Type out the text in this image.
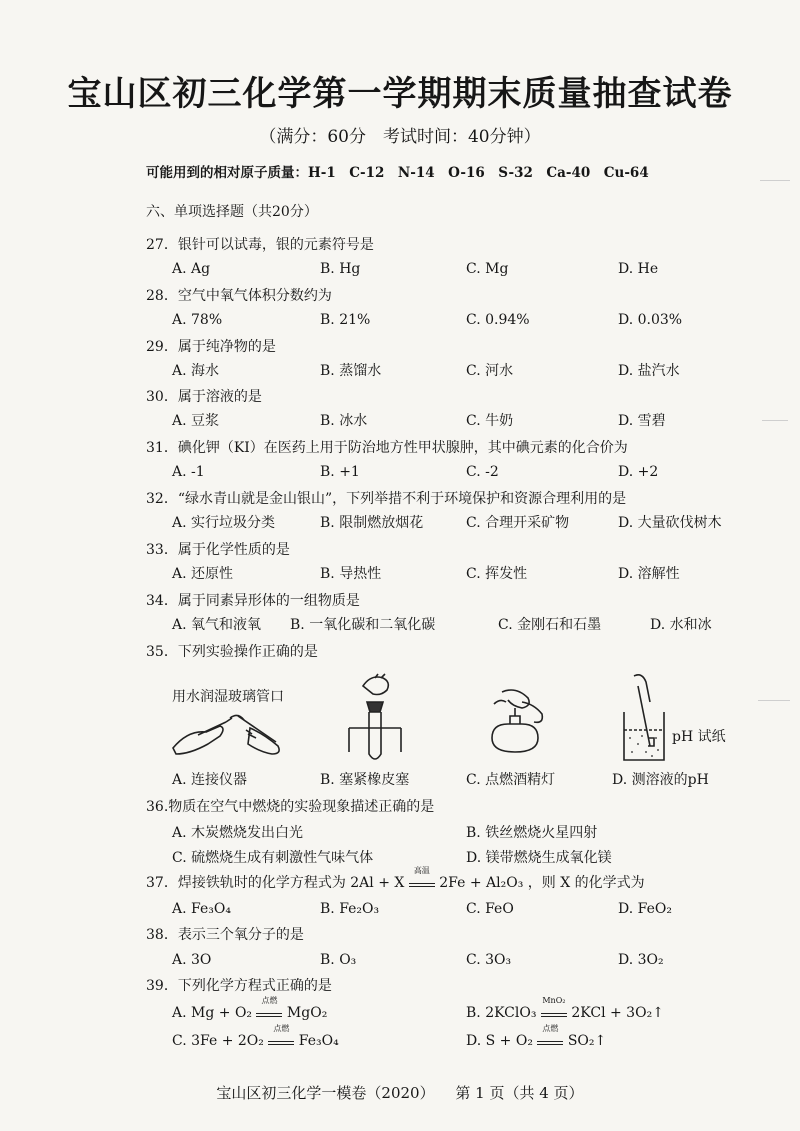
宝山区初三化学第一学期期末质量抽查试卷
（满分：60分　考试时间：40分钟）
可能用到的相对原子质量：H-1　C-12　N-14　O-16　S-32　Ca-40　Cu-64
六、单项选择题（共20分）
27．银针可以试毒，银的元素符号是
A. Ag	B. Hg	C. Mg	D. He
28．空气中氧气体积分数约为
A. 78%	B. 21%	C. 0.94%	D. 0.03%
29．属于纯净物的是
A. 海水	B. 蒸馏水	C. 河水	D. 盐汽水
30．属于溶液的是
A. 豆浆	B. 冰水	C. 牛奶	D. 雪碧
31．碘化钾（KI）在医药上用于防治地方性甲状腺肿，其中碘元素的化合价为
A. -1	B. +1	C. -2	D. +2
32．“绿水青山就是金山银山”，下列举措不利于环境保护和资源合理利用的是
A. 实行垃圾分类	B. 限制燃放烟花	C. 合理开采矿物	D. 大量砍伐树木
33．属于化学性质的是
A. 还原性	B. 导热性	C. 挥发性	D. 溶解性
34．属于同素异形体的一组物质是
A. 氧气和液氧 B. 一氧化碳和二氧化碳	C. 金刚石和石墨	D. 水和冰
35．下列实验操作正确的是
用水润湿玻璃管口
pH 试纸
A. 连接仪器	B. 塞紧橡皮塞	C. 点燃酒精灯	D. 测溶液的pH
36.物质在空气中燃烧的实验现象描述正确的是
A. 木炭燃烧发出白光	B. 铁丝燃烧火星四射
C. 硫燃烧生成有刺激性气味气体	D. 镁带燃烧生成氧化镁
37．焊接铁轨时的化学方程式为 2Al + X
高温
2Fe + Al₂O₃ ，则 X 的化学式为
A. Fe₃O₄	B. Fe₂O₃	C. FeO	D. FeO₂
38．表示三个氧分子的是
A. 3O	B. O₃	C. 3O₃	D. 3O₂
39．下列化学方程式正确的是
A. Mg + O₂
点燃
MgO₂	B. 2KClO₃
MnO₂
2KCl + 3O₂↑
C. 3Fe + 2O₂
点燃
Fe₃O₄	D. S + O₂
点燃
SO₂↑
宝山区初三化学一模卷（2020） 第 1 页（共 4 页）
